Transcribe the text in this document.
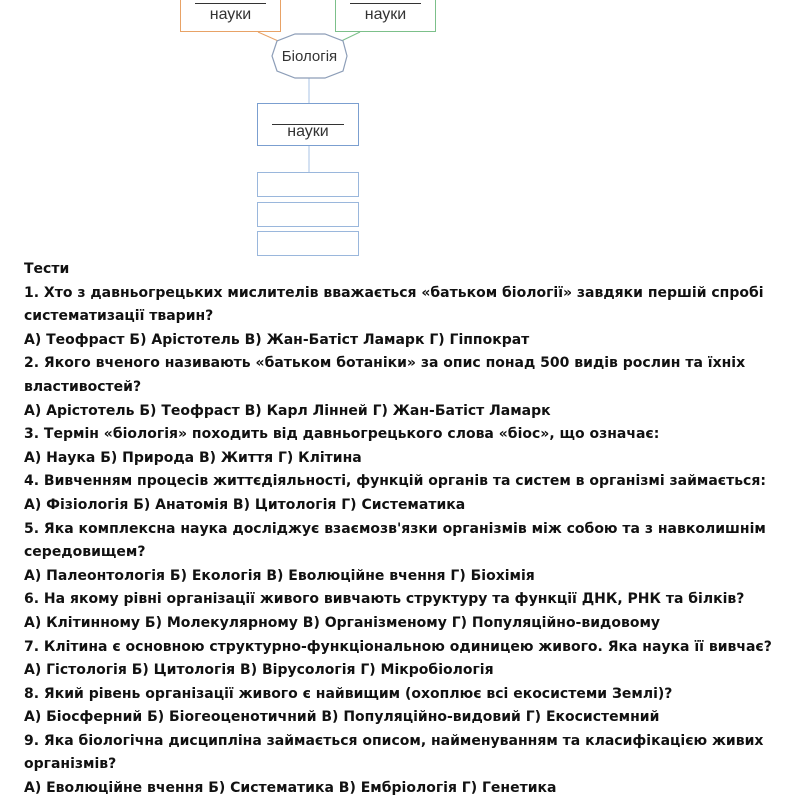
науки	науки
Біологія
науки

Тести

1. Хто з давньогрецьких мислителів вважається «батьком біології» завдяки першій спробі систематизації тварин?

А) Теофраст Б) Арістотель В) Жан-Батіст Ламарк Г) Гіппократ

2. Якого вченого називають «батьком ботаніки» за опис понад 500 видів рослин та їхніх властивостей?

А) Арістотель Б) Теофраст В) Карл Лінней Г) Жан-Батіст Ламарк

3. Термін «біологія» походить від давньогрецького слова «біос», що означає:

А) Наука Б) Природа В) Життя Г) Клітина

4. Вивченням процесів життєдіяльності, функцій органів та систем в організмі займається:

А) Фізіологія Б) Анатомія В) Цитологія Г) Систематика

5. Яка комплексна наука досліджує взаємозв'язки організмів між собою та з навколишнім середовищем?

А) Палеонтологія Б) Екологія В) Еволюційне вчення Г) Біохімія

6. На якому рівні організації живого вивчають структуру та функції ДНК, РНК та білків?

А) Клітинному Б) Молекулярному В) Організменому Г) Популяційно-видовому

7. Клітина є основною структурно-функціональною одиницею живого. Яка наука її вивчає?

А) Гістологія Б) Цитологія В) Вірусологія Г) Мікробіологія

8. Який рівень організації живого є найвищим (охоплює всі екосистеми Землі)?

А) Біосферний Б) Біогеоценотичний В) Популяційно-видовий Г) Екосистемний

9. Яка біологічна дисципліна займається описом, найменуванням та класифікацією живих організмів?

А) Еволюційне вчення Б) Систематика В) Ембріологія Г) Генетика
